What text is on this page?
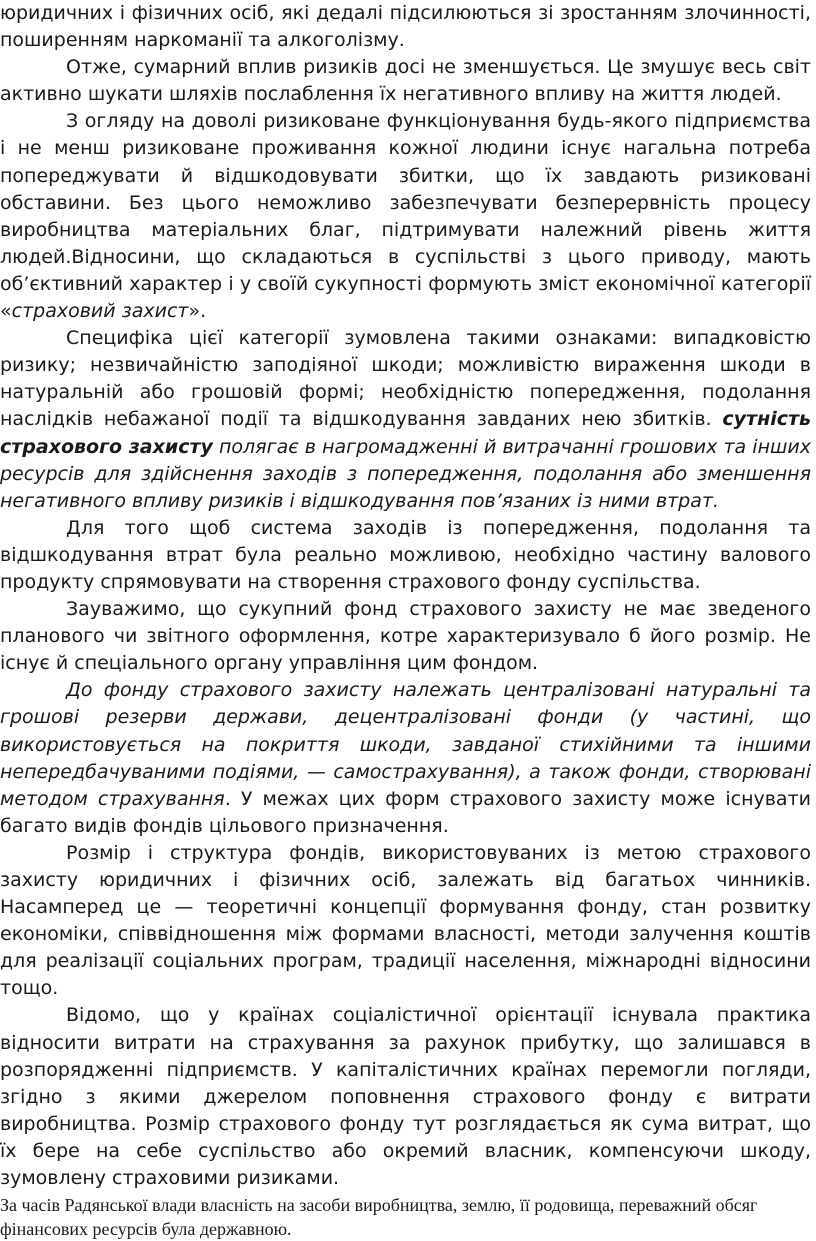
юридичних і фізичних осіб, які дедалі підсилюються зі зростанням злочинності, поширенням наркоманії та алкоголізму.

Отже, сумарний вплив ризиків досі не зменшується. Це змушує весь світ активно шукати шляхів послаблення їх негативного впливу на життя людей.

З огляду на доволі ризиковане функціонування будь-якого підприємства і не менш ризиковане проживання кожної людини існує нагальна потреба попереджувати й відшкодовувати збитки, що їх завдають ризиковані обставини. Без цього неможливо забезпечувати безперервність процесу виробництва матеріальних благ, підтримувати належний рівень життя людей.Відносини, що складаються в суспільстві з цього приводу, мають об’єктивний характер і у своїй сукупності формують зміст економічної категорії «страховий захист».

Специфіка цієї категорії зумовлена такими ознаками: випадковістю ризику; незвичайністю заподіяної шкоди; можливістю вираження шкоди в натуральній або грошовій формі; необхідністю попередження, подолання наслідків небажаної події та відшкодування завданих нею збитків. сутність страхового захисту полягає в нагромадженні й витрачанні грошових та інших ресурсів для здійснення заходів з попередження, подолання або зменшення негативного впливу ризиків і відшкодування пов’язаних із ними втрат.

Для того щоб система заходів із попередження, подолання та відшкодування втрат була реально можливою, необхідно частину валового продукту спрямовувати на створення страхового фонду суспільства.

Зауважимо, що сукупний фонд страхового захисту не має зведеного планового чи звітного оформлення, котре характеризувало б його розмір. Не існує й спеціального органу управління цим фондом.

До фонду страхового захисту належать централізовані натуральні та грошові резерви держави, децентралізовані фонди (у частині, що використовується на покриття шкоди, завданої стихійними та іншими непередбачуваними подіями, — самострахування), а також фонди, створювані методом страхування. У межах цих форм страхового захисту може існувати багато видів фондів цільового призначення.

Розмір і структура фондів, використовуваних із метою страхового захисту юридичних і фізичних осіб, залежать від багатьох чинників. Насамперед це — теоретичні концепції формування фонду, стан розвитку економіки, співвідношення між формами власності, методи залучення коштів для реалізації соціальних програм, традиції населення, міжнародні відносини тощо.

Відомо, що у країнах соціалістичної орієнтації існувала практика відносити витрати на страхування за рахунок прибутку, що залишався в розпорядженні підприємств. У капіталістичних країнах перемогли погляди, згідно з якими джерелом поповнення страхового фонду є витрати виробництва. Розмір страхового фонду тут розглядається як сума витрат, що їх бере на себе суспільство або окремий власник, компенсуючи шкоду, зумовлену страховими ризиками.

За часів Радянської влади власність на засоби виробництва, землю, її родовища, переважний обсяг фінансових ресурсів була державною.
